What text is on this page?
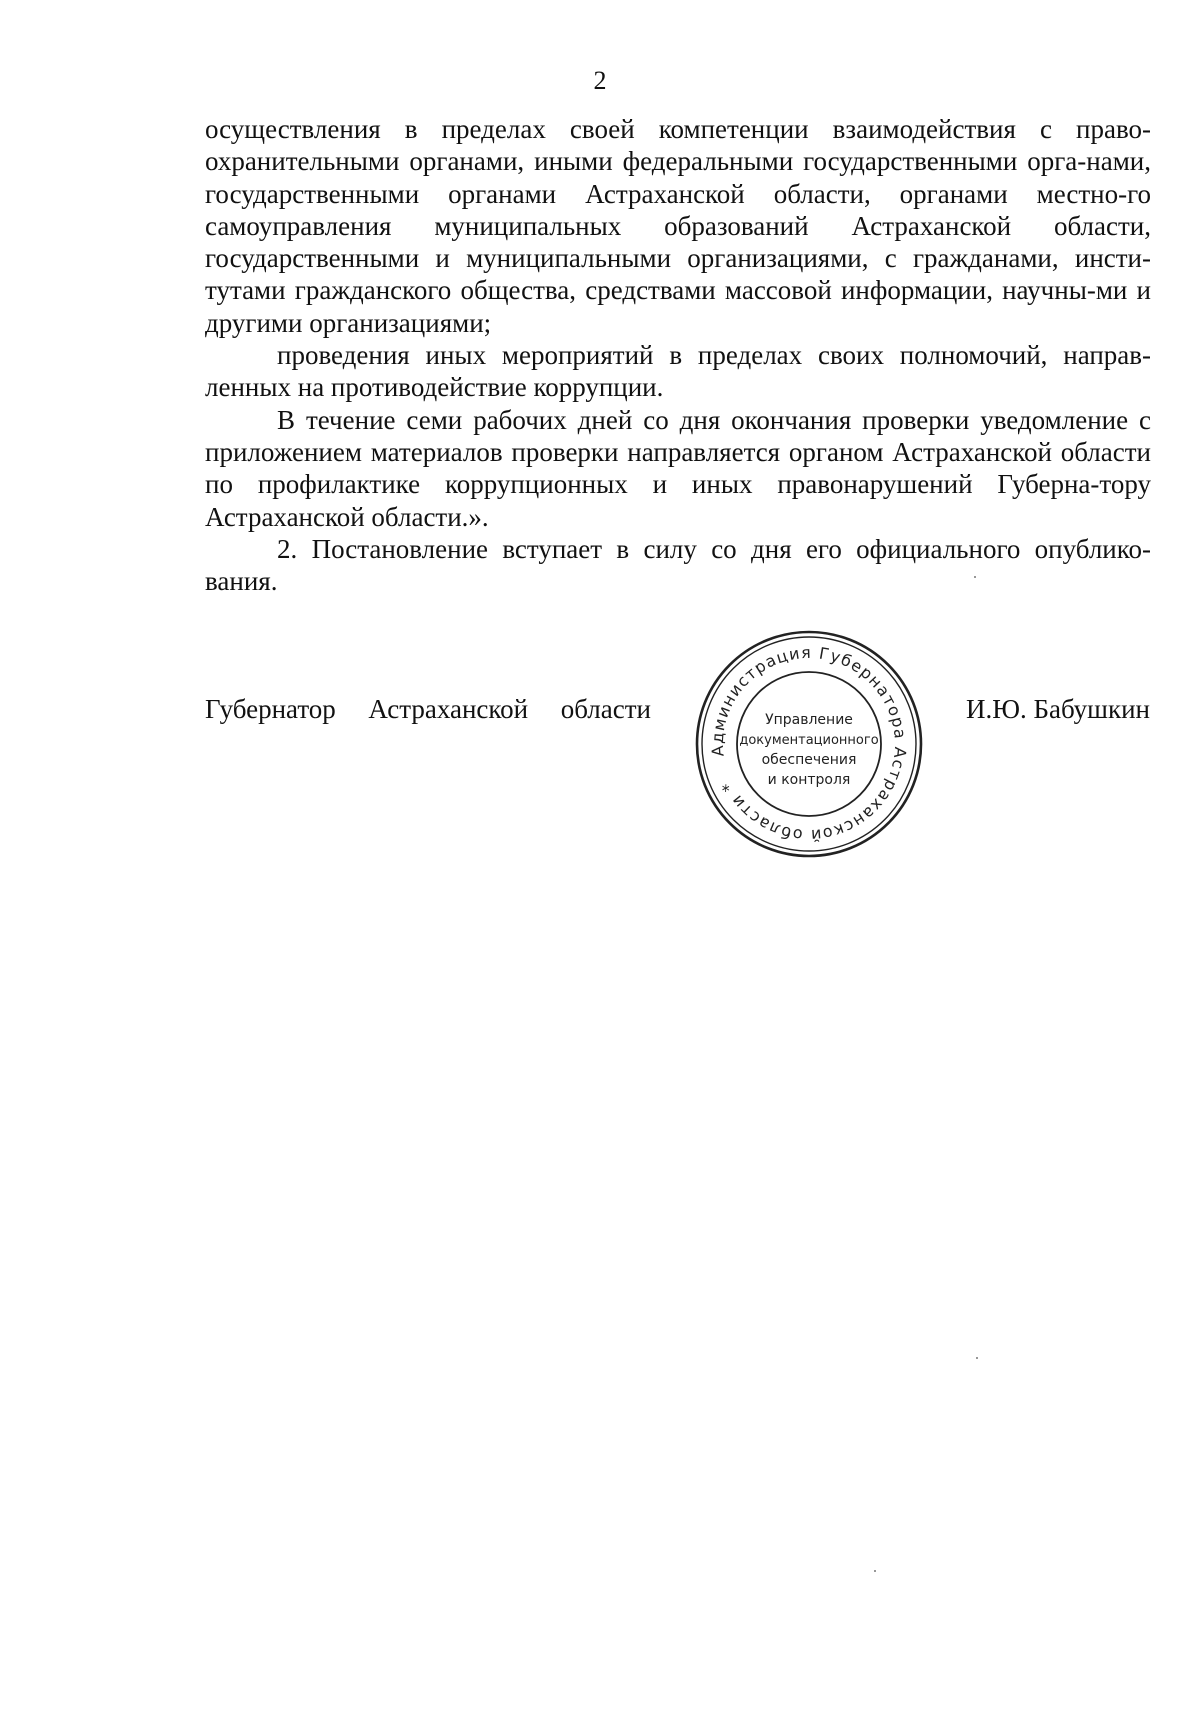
2

осуществления в пределах своей компетенции взаимодействия с право-охранительными органами, иными федеральными государственными орга-нами, государственными органами Астраханской области, органами местно-го самоуправления муниципальных образований Астраханской области, государственными и муниципальными организациями, с гражданами, инсти-тутами гражданского общества, средствами массовой информации, научны-ми и другими организациями;

проведения иных мероприятий в пределах своих полномочий, направ-ленных на противодействие коррупции.

В течение семи рабочих дней со дня окончания проверки уведомление с приложением материалов проверки направляется органом Астраханской области по профилактике коррупционных и иных правонарушений Губерна-тору Астраханской области.».

2. Постановление вступает в силу со дня его официального опублико-вания.

Губернатор Астраханской области	И.Ю. Бабушкин
Администрация Губернатора Астраханской области *
Управление
документационного
обеспечения
и контроля
